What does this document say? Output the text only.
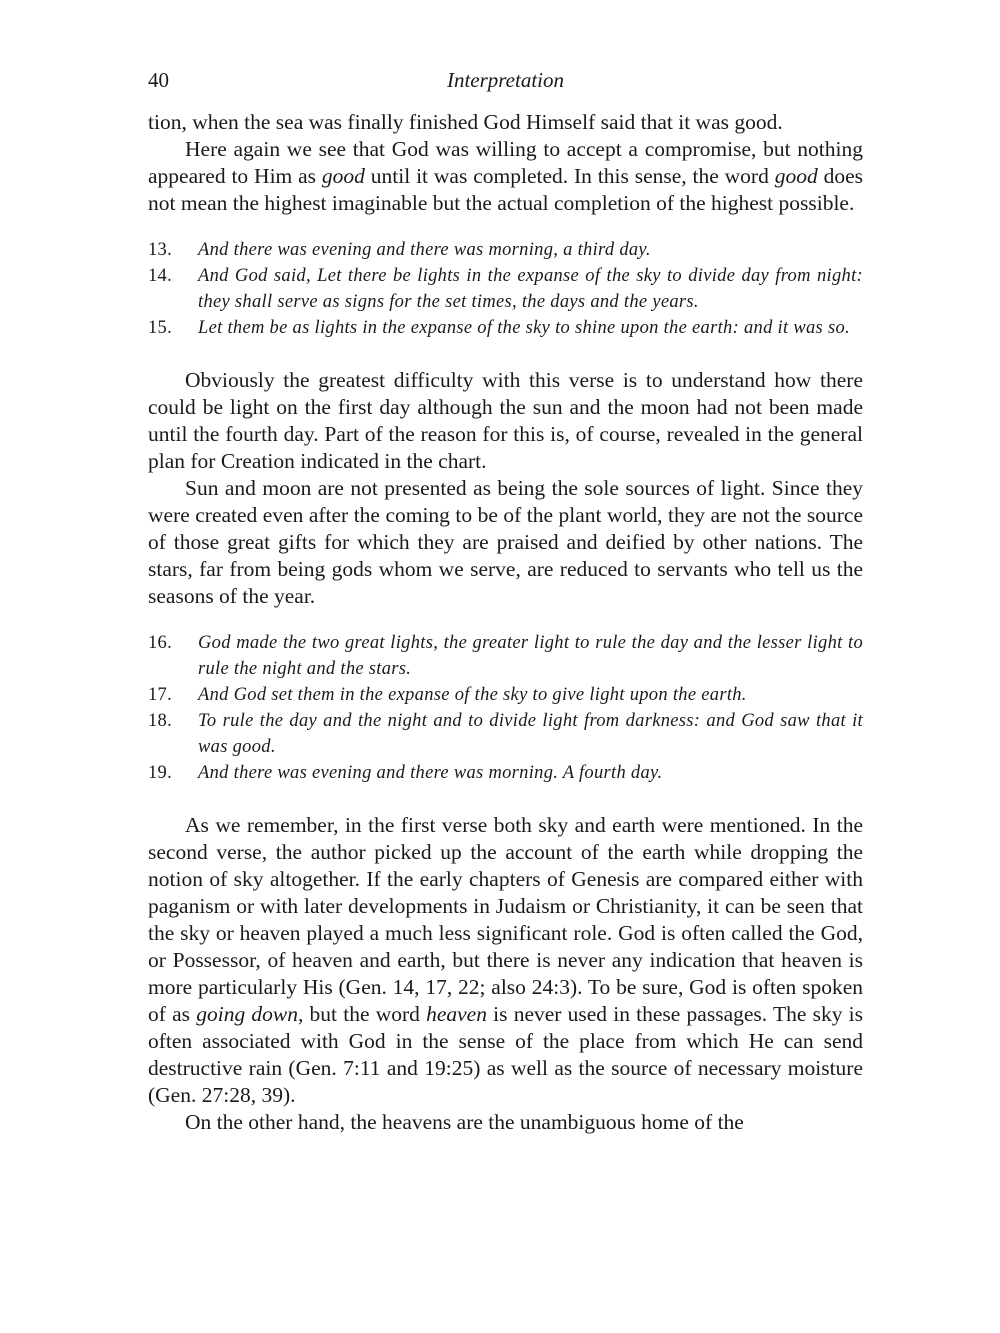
40	Interpretation

tion, when the sea was finally finished God Himself said that it was good.

Here again we see that God was willing to accept a compromise, but nothing appeared to Him as good until it was completed. In this sense, the word good does not mean the highest imaginable but the actual completion of the highest possible.

13. And there was evening and there was morning, a third day.
14. And God said, Let there be lights in the expanse of the sky to divide day from night: they shall serve as signs for the set times, the days and the years.
15. Let them be as lights in the expanse of the sky to shine upon the earth: and it was so.

Obviously the greatest difficulty with this verse is to understand how there could be light on the first day although the sun and the moon had not been made until the fourth day. Part of the reason for this is, of course, revealed in the general plan for Creation indicated in the chart.

Sun and moon are not presented as being the sole sources of light. Since they were created even after the coming to be of the plant world, they are not the source of those great gifts for which they are praised and deified by other nations. The stars, far from being gods whom we serve, are reduced to servants who tell us the seasons of the year.

16. God made the two great lights, the greater light to rule the day and the lesser light to rule the night and the stars.
17. And God set them in the expanse of the sky to give light upon the earth.
18. To rule the day and the night and to divide light from darkness: and God saw that it was good.
19. And there was evening and there was morning. A fourth day.

As we remember, in the first verse both sky and earth were mentioned. In the second verse, the author picked up the account of the earth while dropping the notion of sky altogether. If the early chapters of Genesis are compared either with paganism or with later developments in Judaism or Christianity, it can be seen that the sky or heaven played a much less significant role. God is often called the God, or Possessor, of heaven and earth, but there is never any indication that heaven is more particularly His (Gen. 14, 17, 22; also 24:3). To be sure, God is often spoken of as going down, but the word heaven is never used in these passages. The sky is often associated with God in the sense of the place from which He can send destructive rain (Gen. 7:11 and 19:25) as well as the source of necessary moisture (Gen. 27:28, 39).

On the other hand, the heavens are the unambiguous home of the
